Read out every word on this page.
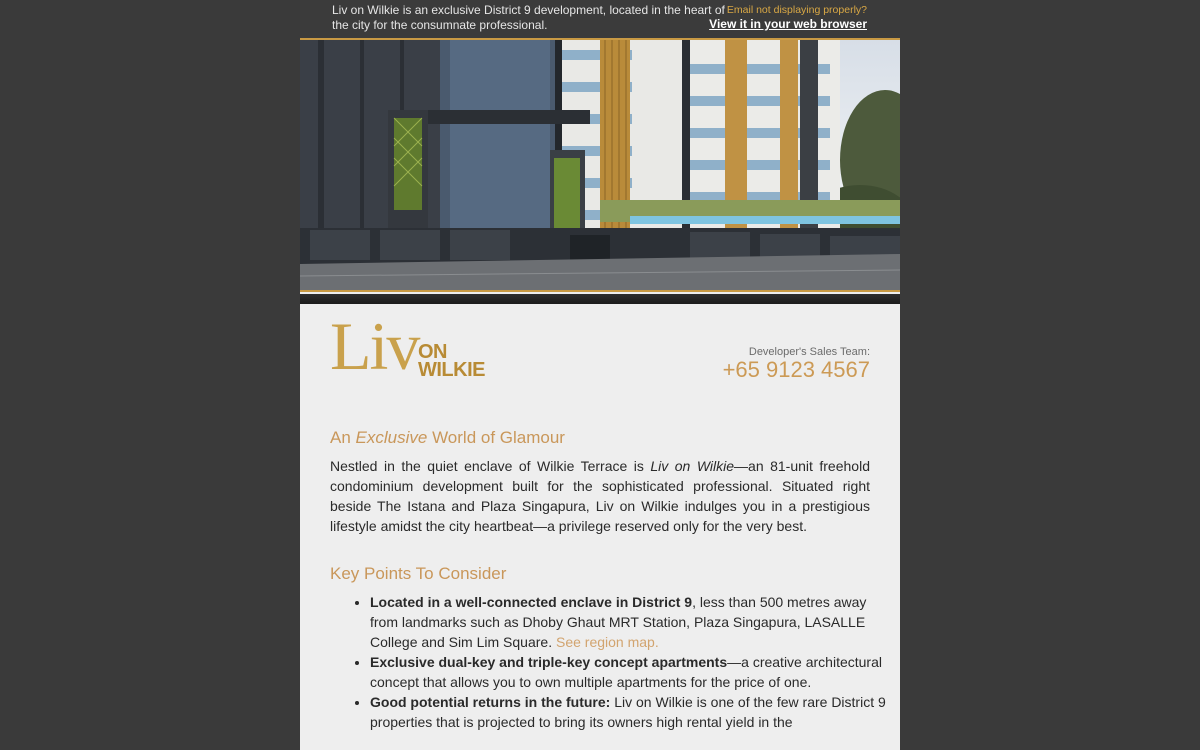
Liv on Wilkie is an exclusive District 9 development, located in the heart of the city for the consumnate professional.
Email not displaying properly?
View it in your web browser
Liv ON
WILKIE
Developer's Sales Team:
+65 9123 4567
An Exclusive World of Glamour
Nestled in the quiet enclave of Wilkie Terrace is Liv on Wilkie—an 81-unit freehold condominium development built for the sophisticated professional. Situated right beside The Istana and Plaza Singapura, Liv on Wilkie indulges you in a prestigious lifestyle amidst the city heartbeat—a privilege reserved only for the very best.
Key Points To Consider
• Located in a well-connected enclave in District 9, less than 500 metres away from landmarks such as Dhoby Ghaut MRT Station, Plaza Singapura, LASALLE College and Sim Lim Square. See region map.
• Exclusive dual-key and triple-key concept apartments—a creative architectural concept that allows you to own multiple apartments for the price of one.
• Good potential returns in the future: Liv on Wilkie is one of the few rare District 9 properties that is projected to bring its owners high rental yield in the
